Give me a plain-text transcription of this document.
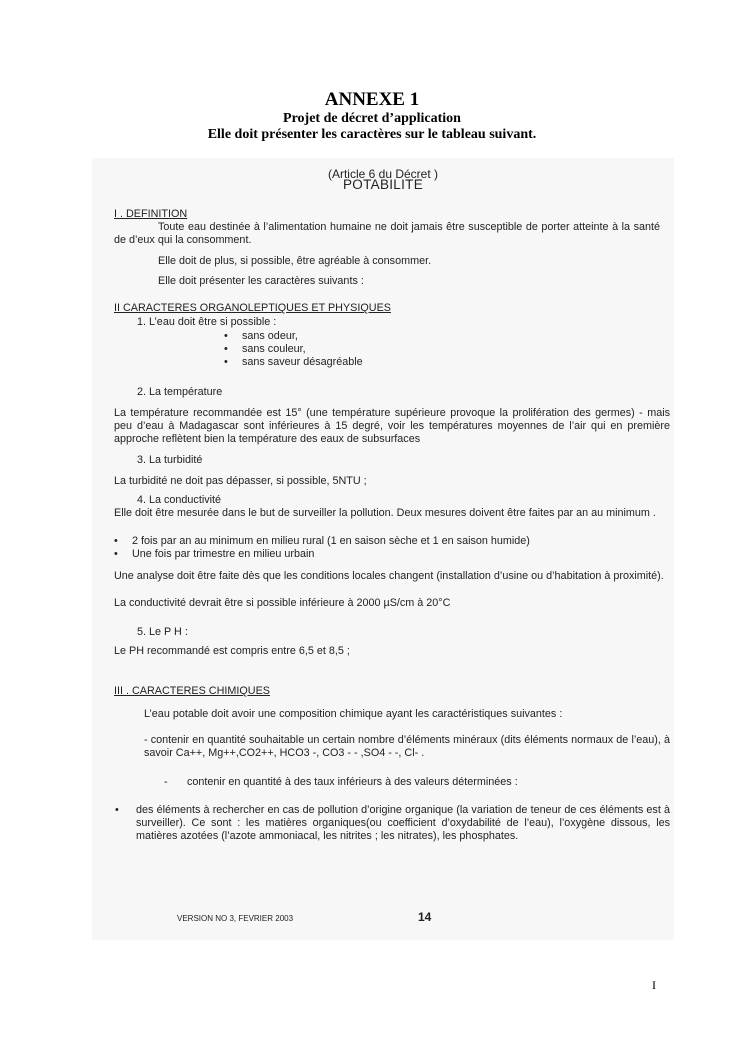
ANNEXE 1
Projet de décret d’application
Elle doit présenter les caractères sur le tableau suivant.
(Article 6 du Décret )
POTABILITE
I . DEFINITION
Toute eau destinée à l’alimentation humaine ne doit jamais être susceptible de porter atteinte à la santé de d’eux qui la consomment.
Elle doit de plus, si possible, être agréable à consommer.
Elle doit présenter les caractères suivants :
II CARACTERES ORGANOLEPTIQUES ET PHYSIQUES
1. L’eau doit être si possible :
• sans odeur,
• sans couleur,
• sans saveur désagréable
2. La température
La température recommandée est 15° (une température supérieure provoque la prolifération des germes) - mais peu d’eau à Madagascar sont inférieures à 15 degré, voir les températures moyennes de l’air qui en première approche reflètent bien la température des eaux de subsurfaces
3. La turbidité
La turbidité ne doit pas dépasser, si possible, 5NTU ;
4. La conductivité
Elle doit être mesurée dans le but de surveiller la pollution. Deux mesures doivent être faites par an au minimum .
• 2 fois par an au minimum en milieu rural (1 en saison sèche et 1 en saison humide)
• Une fois par trimestre en milieu urbain
Une analyse doit être faite dès que les conditions locales changent (installation d’usine ou d’habitation à proximité).
La conductivité devrait être si possible inférieure à 2000 µS/cm à 20°C
5. Le P H :
Le PH recommandé est compris entre 6,5 et 8,5 ;
III . CARACTERES CHIMIQUES
L’eau potable doit avoir une composition chimique ayant les caractéristiques suivantes :
- contenir en quantité souhaitable un certain nombre d’éléments minéraux (dits éléments normaux de l’eau), à savoir Ca++, Mg++,CO2++, HCO3 -, CO3 - - ,SO4 - -, Cl- .
- contenir en quantité à des taux inférieurs à des valeurs déterminées :
• des éléments à rechercher en cas de pollution d’origine organique (la variation de teneur de ces éléments est à surveiller). Ce sont : les matières organiques(ou coefficient d’oxydabilité de l’eau), l’oxygène dissous, les matières azotées (l’azote ammoniacal, les nitrites ; les nitrates), les phosphates.
VERSION NO 3, FEVRIER 2003	14
I
